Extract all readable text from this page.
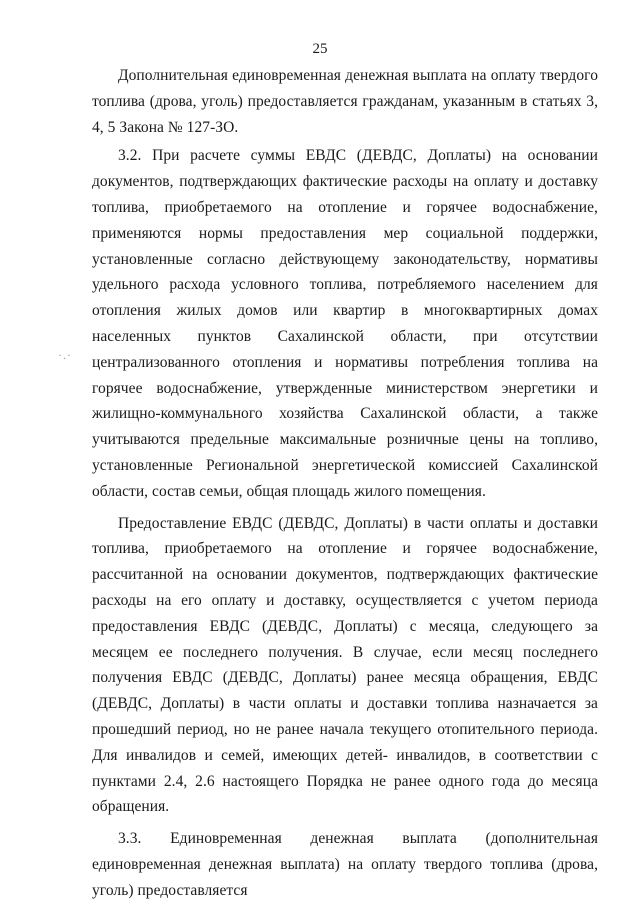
25
·.·

Дополнительная единовременная денежная выплата на оплату твердого топлива (дрова, уголь) предоставляется гражданам, указанным в статьях 3, 4, 5 Закона № 127-ЗО.

3.2. При расчете суммы ЕВДС (ДЕВДС, Доплаты) на основании документов, подтверждающих фактические расходы на оплату и доставку топлива, приобретаемого на отопление и горячее водоснабжение, применяются нормы предоставления мер социальной поддержки, установленные согласно действующему законодательству, нормативы удельного расхода условного топлива, потребляемого населением для отопления жилых домов или квартир в многоквартирных домах населенных пунктов Сахалинской области, при отсутствии централизованного отопления и нормативы потребления топлива на горячее водоснабжение, утвержденные министерством энергетики и жилищно-коммунального хозяйства Сахалинской области, а также учитываются предельные максимальные розничные цены на топливо, установленные Региональной энергетической комиссией Сахалинской области, состав семьи, общая площадь жилого помещения.

Предоставление ЕВДС (ДЕВДС, Доплаты) в части оплаты и доставки топлива, приобретаемого на отопление и горячее водоснабжение, рассчитанной на основании документов, подтверждающих фактические расходы на его оплату и доставку, осуществляется с учетом периода предоставления ЕВДС (ДЕВДС, Доплаты) с месяца, следующего за месяцем ее последнего получения. В случае, если месяц последнего получения ЕВДС (ДЕВДС, Доплаты) ранее месяца обращения, ЕВДС (ДЕВДС, Доплаты) в части оплаты и доставки топлива назначается за прошедший период, но не ранее начала текущего отопительного периода. Для инвалидов и семей, имеющих детей- инвалидов, в соответствии с пунктами 2.4, 2.6 настоящего Порядка не ранее одного года до месяца обращения.

3.3. Единовременная денежная выплата (дополнительная единовременная денежная выплата) на оплату твердого топлива (дрова, уголь) предоставляется
